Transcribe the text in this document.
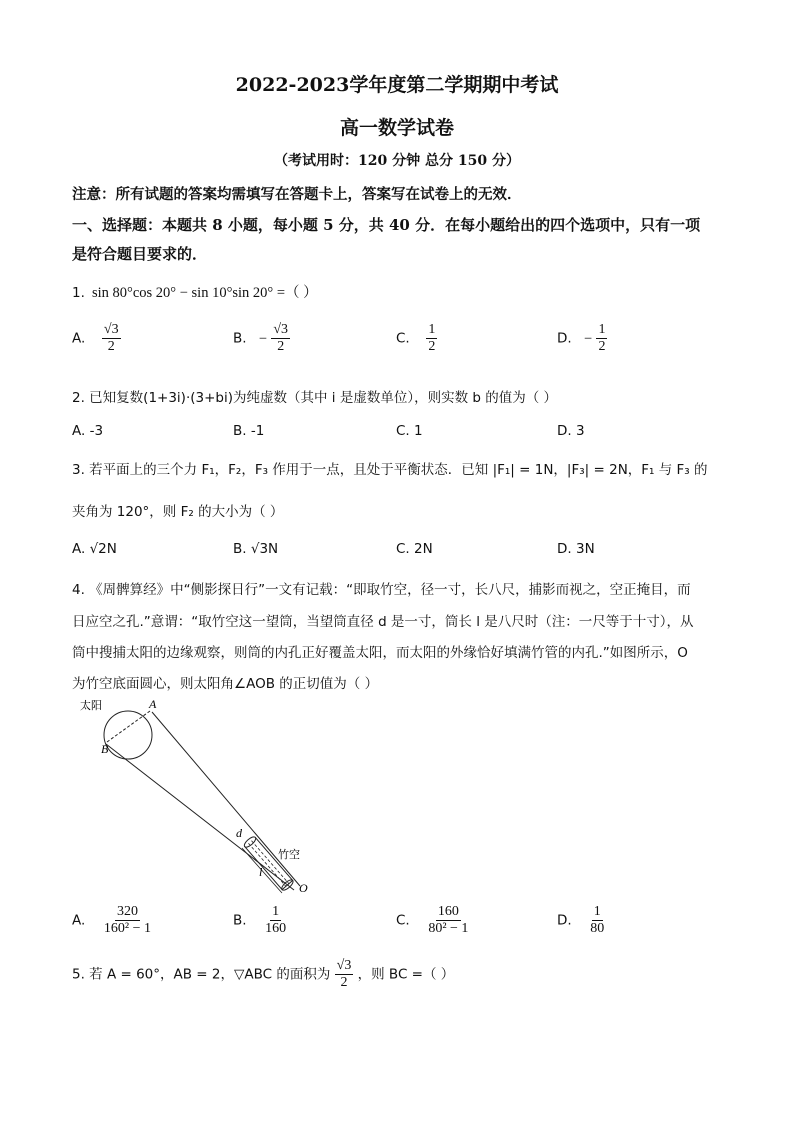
2022-2023学年度第二学期期中考试
高一数学试卷
（考试用时：120 分钟 总分 150 分）
注意：所有试题的答案均需填写在答题卡上，答案写在试卷上的无效．
一、选择题：本题共 8 小题，每小题 5 分，共 40 分．在每小题给出的四个选项中，只有一项
是符合题目要求的．
1. sin 80°cos 20° − sin 10°sin 20° =（ ）
A. $\frac{√3}{2}$	B. − $\frac{√3}{2}$	C. $\frac{1}{2}$	D. − $\frac{1}{2}$
2. 已知复数(1+3i)·(3+bi)为纯虚数（其中 i 是虚数单位），则实数 b 的值为（ ）
A. -3	B. -1	C. 1	D. 3
3. 若平面上的三个力 F₁，F₂，F₃ 作用于一点，且处于平衡状态．已知 |F₁| = 1N，|F₃| = 2N，F₁ 与 F₃ 的
夹角为 120°，则 F₂ 的大小为（ ）
A. √2N	B. √3N	C. 2N	D. 3N
4. 《周髀算经》中“侧影探日行”一文有记载：“即取竹空，径一寸，长八尺，捕影而视之，空正掩目，而
日应空之孔.”意谓：“取竹空这一望筒，当望筒直径 d 是一寸，筒长 l 是八尺时（注：一尺等于十寸），从
筒中搜捕太阳的边缘观察，则筒的内孔正好覆盖太阳，而太阳的外缘恰好填满竹管的内孔.”如图所示，O
为竹空底面圆心，则太阳角∠AOB 的正切值为（ ）
太阳	A
B
d
竹空
l
O
A. $\frac{320}{\text{160² − 1}}$	B. $\frac{1}{160}$	C. $\frac{160}{\text{80² − 1}}$	D. $\frac{1}{80}$
5. 若 A = 60°，AB = 2，▽ABC 的面积为 $\frac{√3}{2}$ ，则 BC =（ ）
